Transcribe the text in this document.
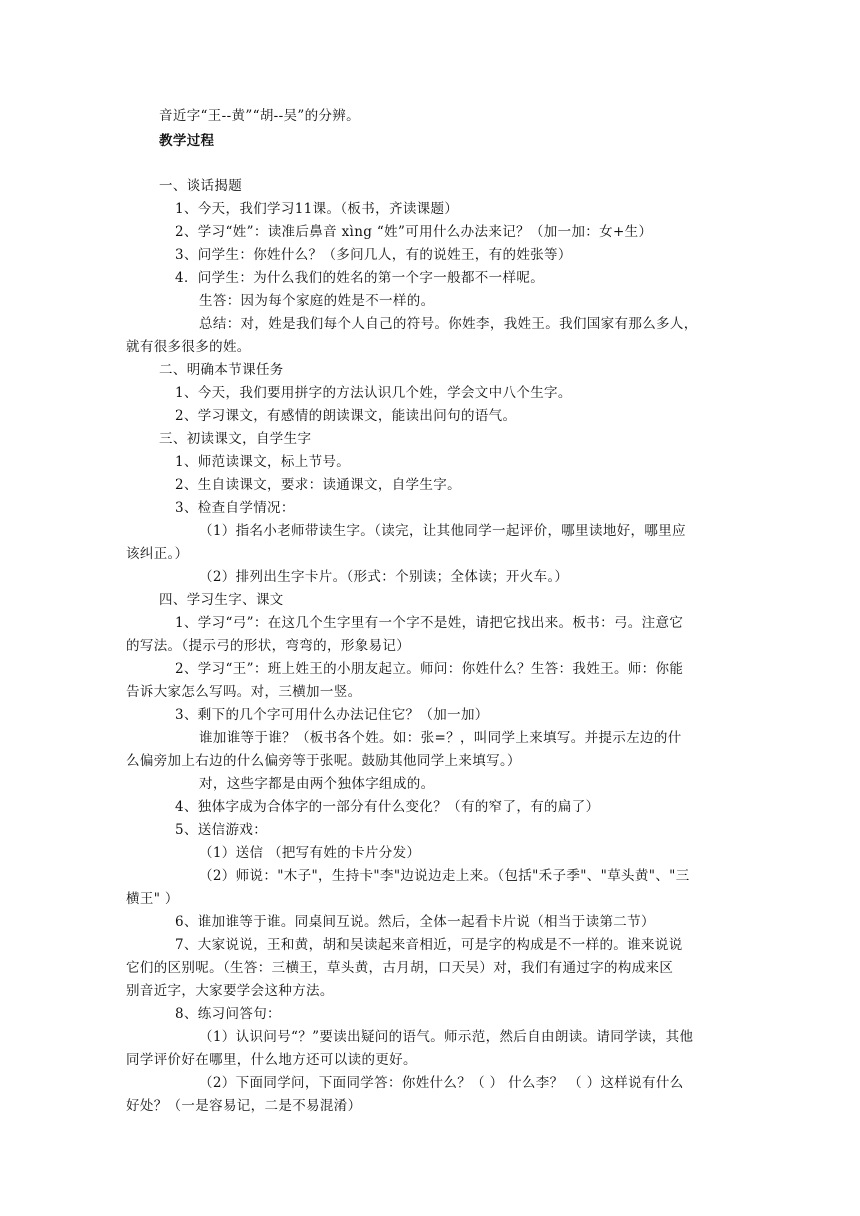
音近字“王--黄”“胡--吴”的分辨。
教学过程
一、谈话揭题
1、今天，我们学习11课。（板书，齐读课题）
2、学习“姓”：读准后鼻音 xìng “姓”可用什么办法来记？（加一加：女+生）
3、问学生：你姓什么？（多问几人，有的说姓王，有的姓张等）
4．问学生：为什么我们的姓名的第一个字一般都不一样呢。
生答：因为每个家庭的姓是不一样的。
总结：对，姓是我们每个人自己的符号。你姓李，我姓王。我们国家有那么多人，
就有很多很多的姓。
二、明确本节课任务
1、今天，我们要用拼字的方法认识几个姓，学会文中八个生字。
2、学习课文，有感情的朗读课文，能读出问句的语气。
三、初读课文，自学生字
1、师范读课文，标上节号。
2、生自读课文，要求：读通课文，自学生字。
3、检查自学情况：
（1）指名小老师带读生字。（读完，让其他同学一起评价，哪里读地好，哪里应
该纠正。）
（2）排列出生字卡片。（形式：个别读；全体读；开火车。）
四、学习生字、课文
1、学习“弓”：在这几个生字里有一个字不是姓，请把它找出来。板书：弓。注意它
的写法。（提示弓的形状，弯弯的，形象易记）
2、学习“王”：班上姓王的小朋友起立。师问：你姓什么？生答：我姓王。师：你能
告诉大家怎么写吗。对，三横加一竖。
3、剩下的几个字可用什么办法记住它？（加一加）
谁加谁等于谁？（板书各个姓。如：张=？，叫同学上来填写。并提示左边的什
么偏旁加上右边的什么偏旁等于张呢。鼓励其他同学上来填写。）
对，这些字都是由两个独体字组成的。
4、独体字成为合体字的一部分有什么变化？（有的窄了，有的扁了）
5、送信游戏：
（1）送信 （把写有姓的卡片分发）
（2）师说："木子"，生持卡"李"边说边走上来。（包括"禾子季"、"草头黄"、"三
横王" ）
6、谁加谁等于谁。同桌间互说。然后，全体一起看卡片说（相当于读第二节）
7、大家说说，王和黄，胡和吴读起来音相近，可是字的构成是不一样的。谁来说说
它们的区别呢。（生答：三横王，草头黄，古月胡，口天吴）对，我们有通过字的构成来区
别音近字，大家要学会这种方法。
8、练习问答句：
（1）认识问号“？”要读出疑问的语气。师示范，然后自由朗读。请同学读，其他
同学评价好在哪里，什么地方还可以读的更好。
（2）下面同学问，下面同学答：你姓什么？（ ） 什么李？ （ ）这样说有什么
好处？（一是容易记，二是不易混淆）
